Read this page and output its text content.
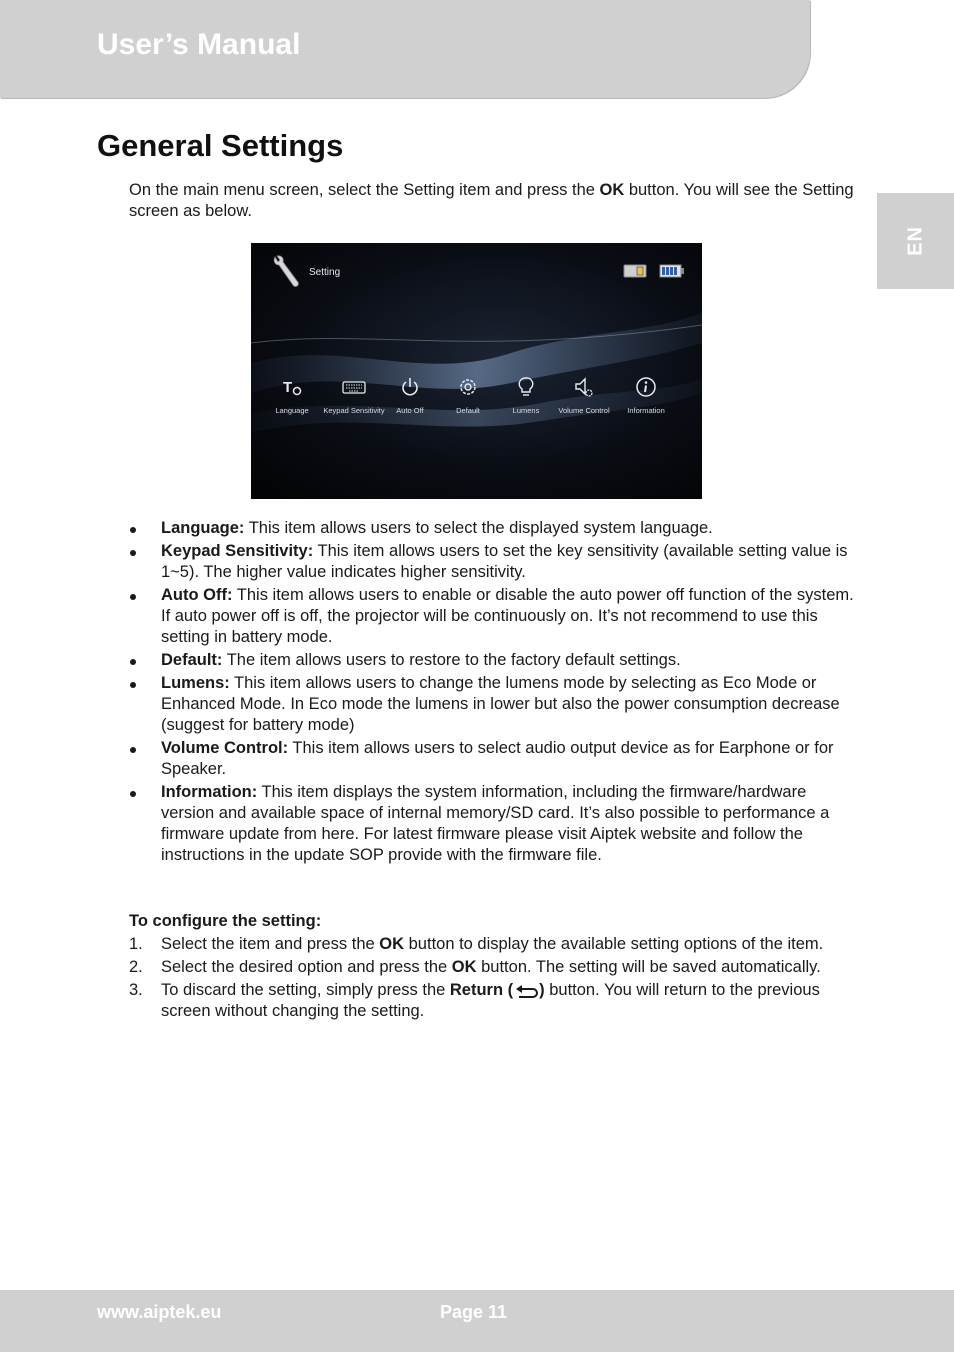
User’s Manual
EN
General Settings
On the main menu screen, select the Setting item and press the OK button. You will see the Setting screen as below.
Setting
T
Language	Keypad Sensitivity	Auto Off	Default	Lumens	Volume Control	Information
Language: This item allows users to select the displayed system language.
Keypad Sensitivity: This item allows users to set the key sensitivity (available setting value is 1~5). The higher value indicates higher sensitivity.
Auto Off: This item allows users to enable or disable the auto power off function of the system. If auto power off is off, the projector will be continuously on. It’s not recommend to use this setting in battery mode.
Default: The item allows users to restore to the factory default settings.
Lumens: This item allows users to change the lumens mode by selecting as Eco Mode or Enhanced Mode. In Eco mode the lumens in lower but also the power consumption decrease (suggest for battery mode)
Volume Control: This item allows users to select audio output device as for Earphone or for Speaker.
Information: This item displays the system information, including the firmware/hardware version and available space of internal memory/SD card. It’s also possible to performance a firmware update from here. For latest firmware please visit Aiptek website and follow the instructions in the update SOP provide with the firmware file.
To configure the setting:
1. Select the item and press the OK button to display the available setting options of the item.
2. Select the desired option and press the OK button. The setting will be saved automatically.
3. To discard the setting, simply press the Return ( ) button. You will return to the previous screen without changing the setting.
www.aiptek.eu	Page 11
